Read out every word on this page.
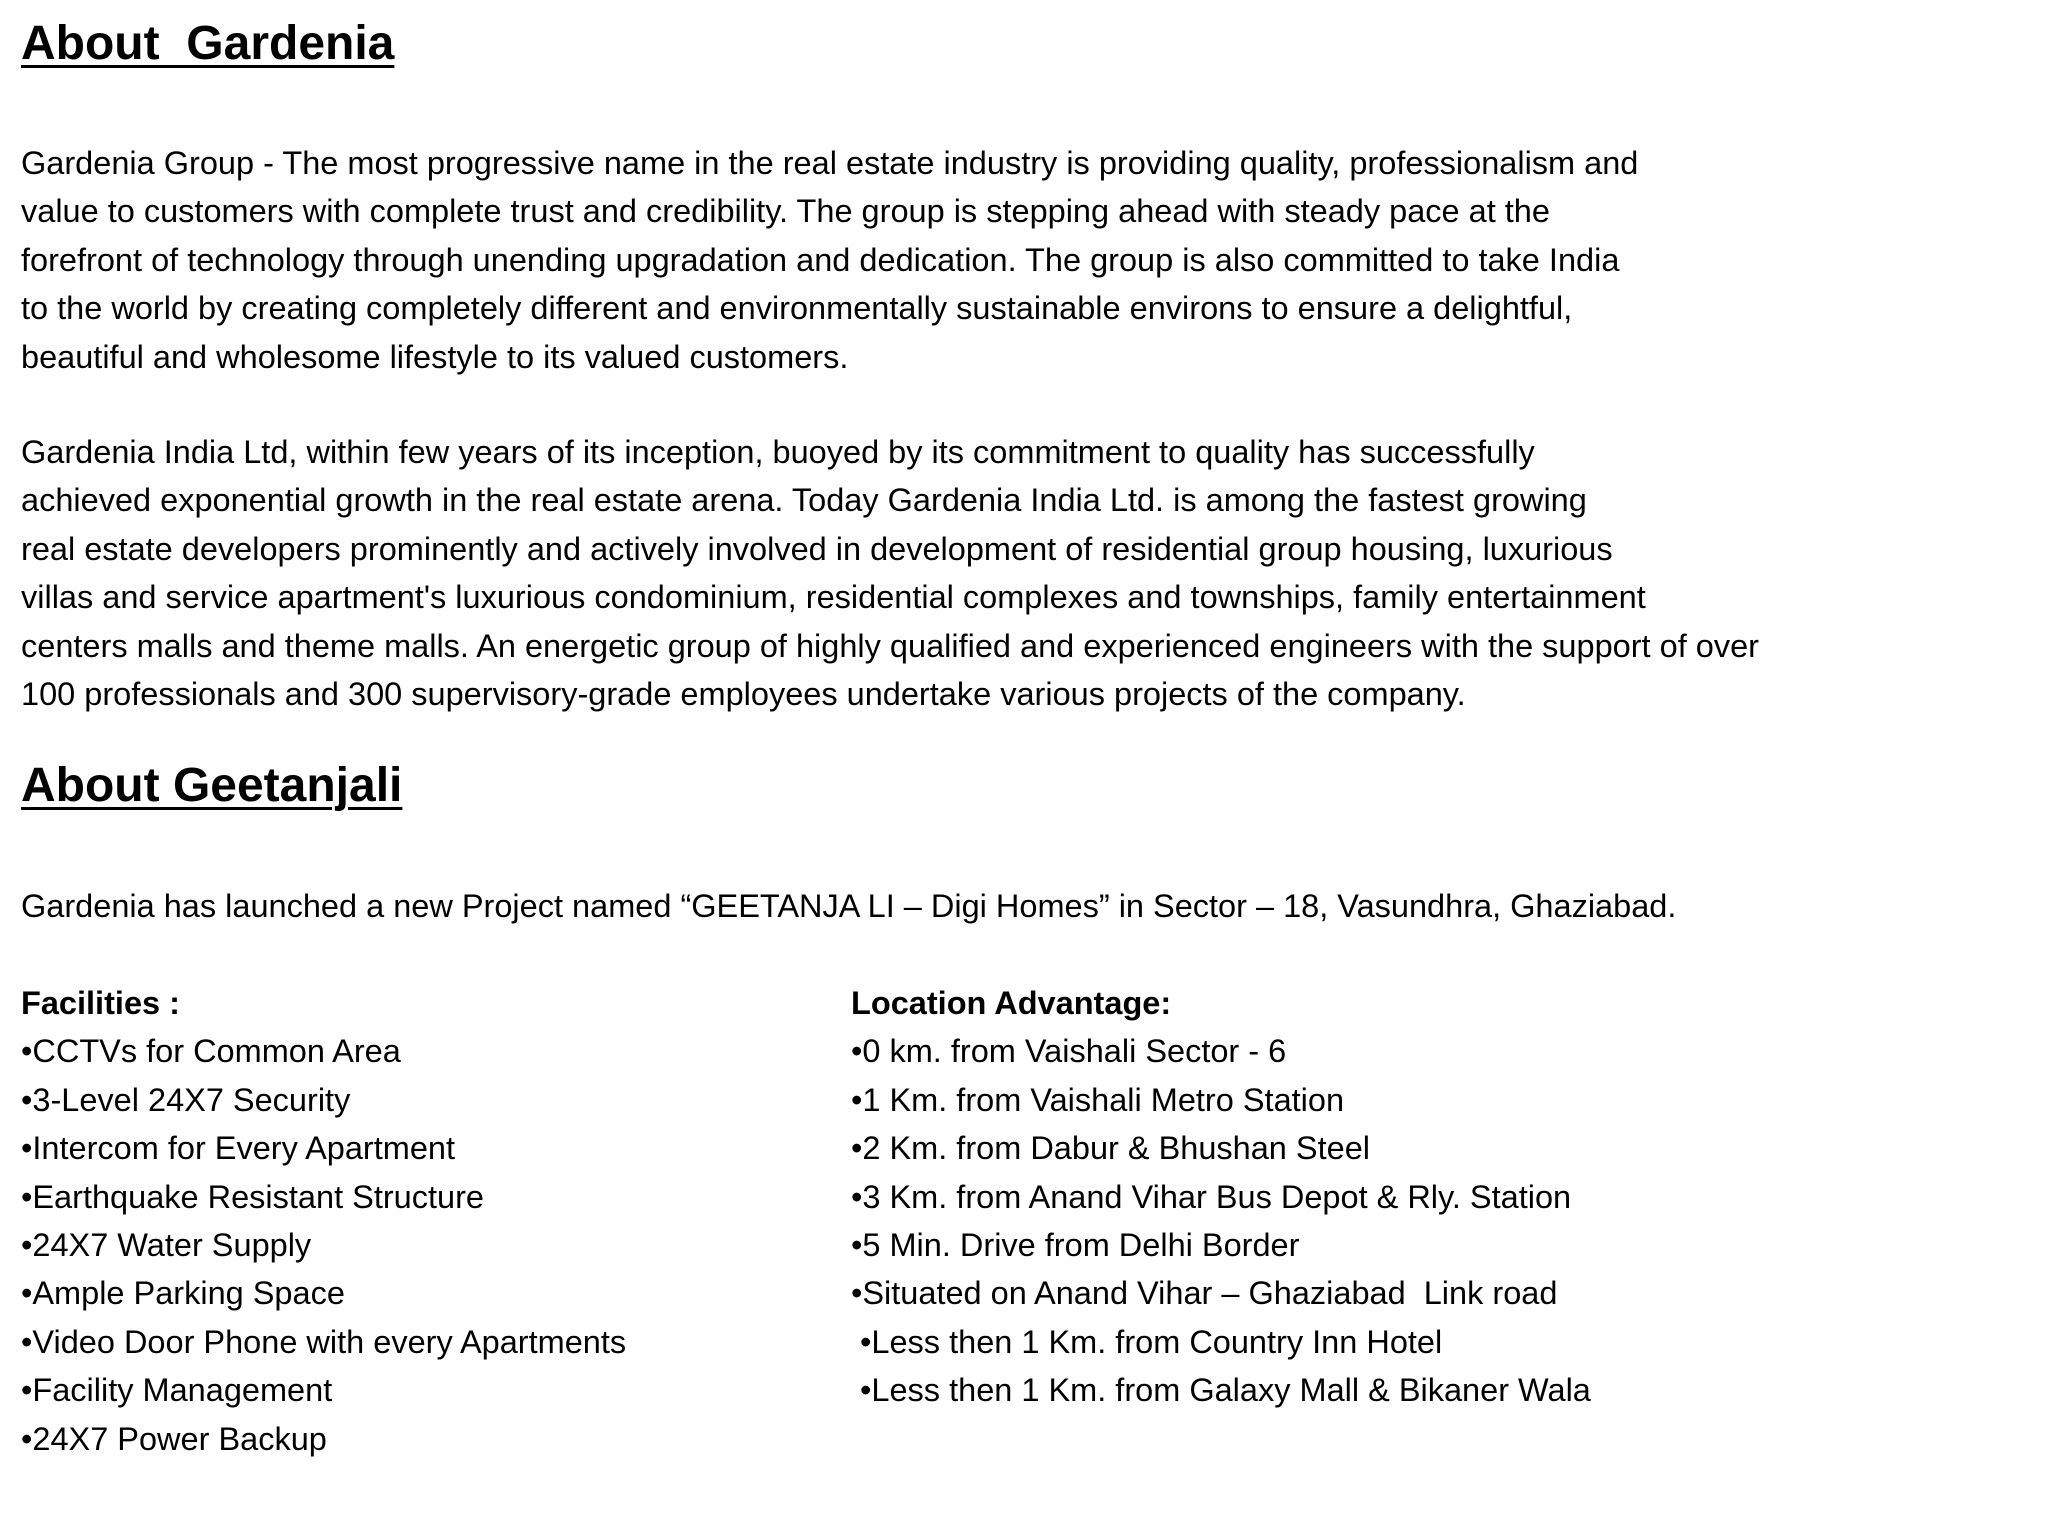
About  Gardenia

Gardenia Group - The most progressive name in the real estate industry is providing quality, professionalism and
value to customers with complete trust and credibility. The group is stepping ahead with steady pace at the
forefront of technology through unending upgradation and dedication. The group is also committed to take India
to the world by creating completely different and environmentally sustainable environs to ensure a delightful,
beautiful and wholesome lifestyle to its valued customers.

Gardenia India Ltd, within few years of its inception, buoyed by its commitment to quality has successfully
achieved exponential growth in the real estate arena. Today Gardenia India Ltd. is among the fastest growing
real estate developers prominently and actively involved in development of residential group housing, luxurious
villas and service apartment's luxurious condominium, residential complexes and townships, family entertainment
centers malls and theme malls. An energetic group of highly qualified and experienced engineers with the support of over
100 professionals and 300 supervisory-grade employees undertake various projects of the company.

About Geetanjali

Gardenia has launched a new Project named “GEETANJA LI – Digi Homes” in Sector – 18, Vasundhra, Ghaziabad.

Facilities :
•CCTVs for Common Area
•3-Level 24X7 Security
•Intercom for Every Apartment
•Earthquake Resistant Structure
•24X7 Water Supply
•Ample Parking Space
•Video Door Phone with every Apartments
•Facility Management
•24X7 Power Backup
Location Advantage:
•0 km. from Vaishali Sector - 6
•1 Km. from Vaishali Metro Station
•2 Km. from Dabur & Bhushan Steel
•3 Km. from Anand Vihar Bus Depot & Rly. Station
•5 Min. Drive from Delhi Border
•Situated on Anand Vihar – Ghaziabad  Link road
•Less then 1 Km. from Country Inn Hotel
•Less then 1 Km. from Galaxy Mall & Bikaner Wala
